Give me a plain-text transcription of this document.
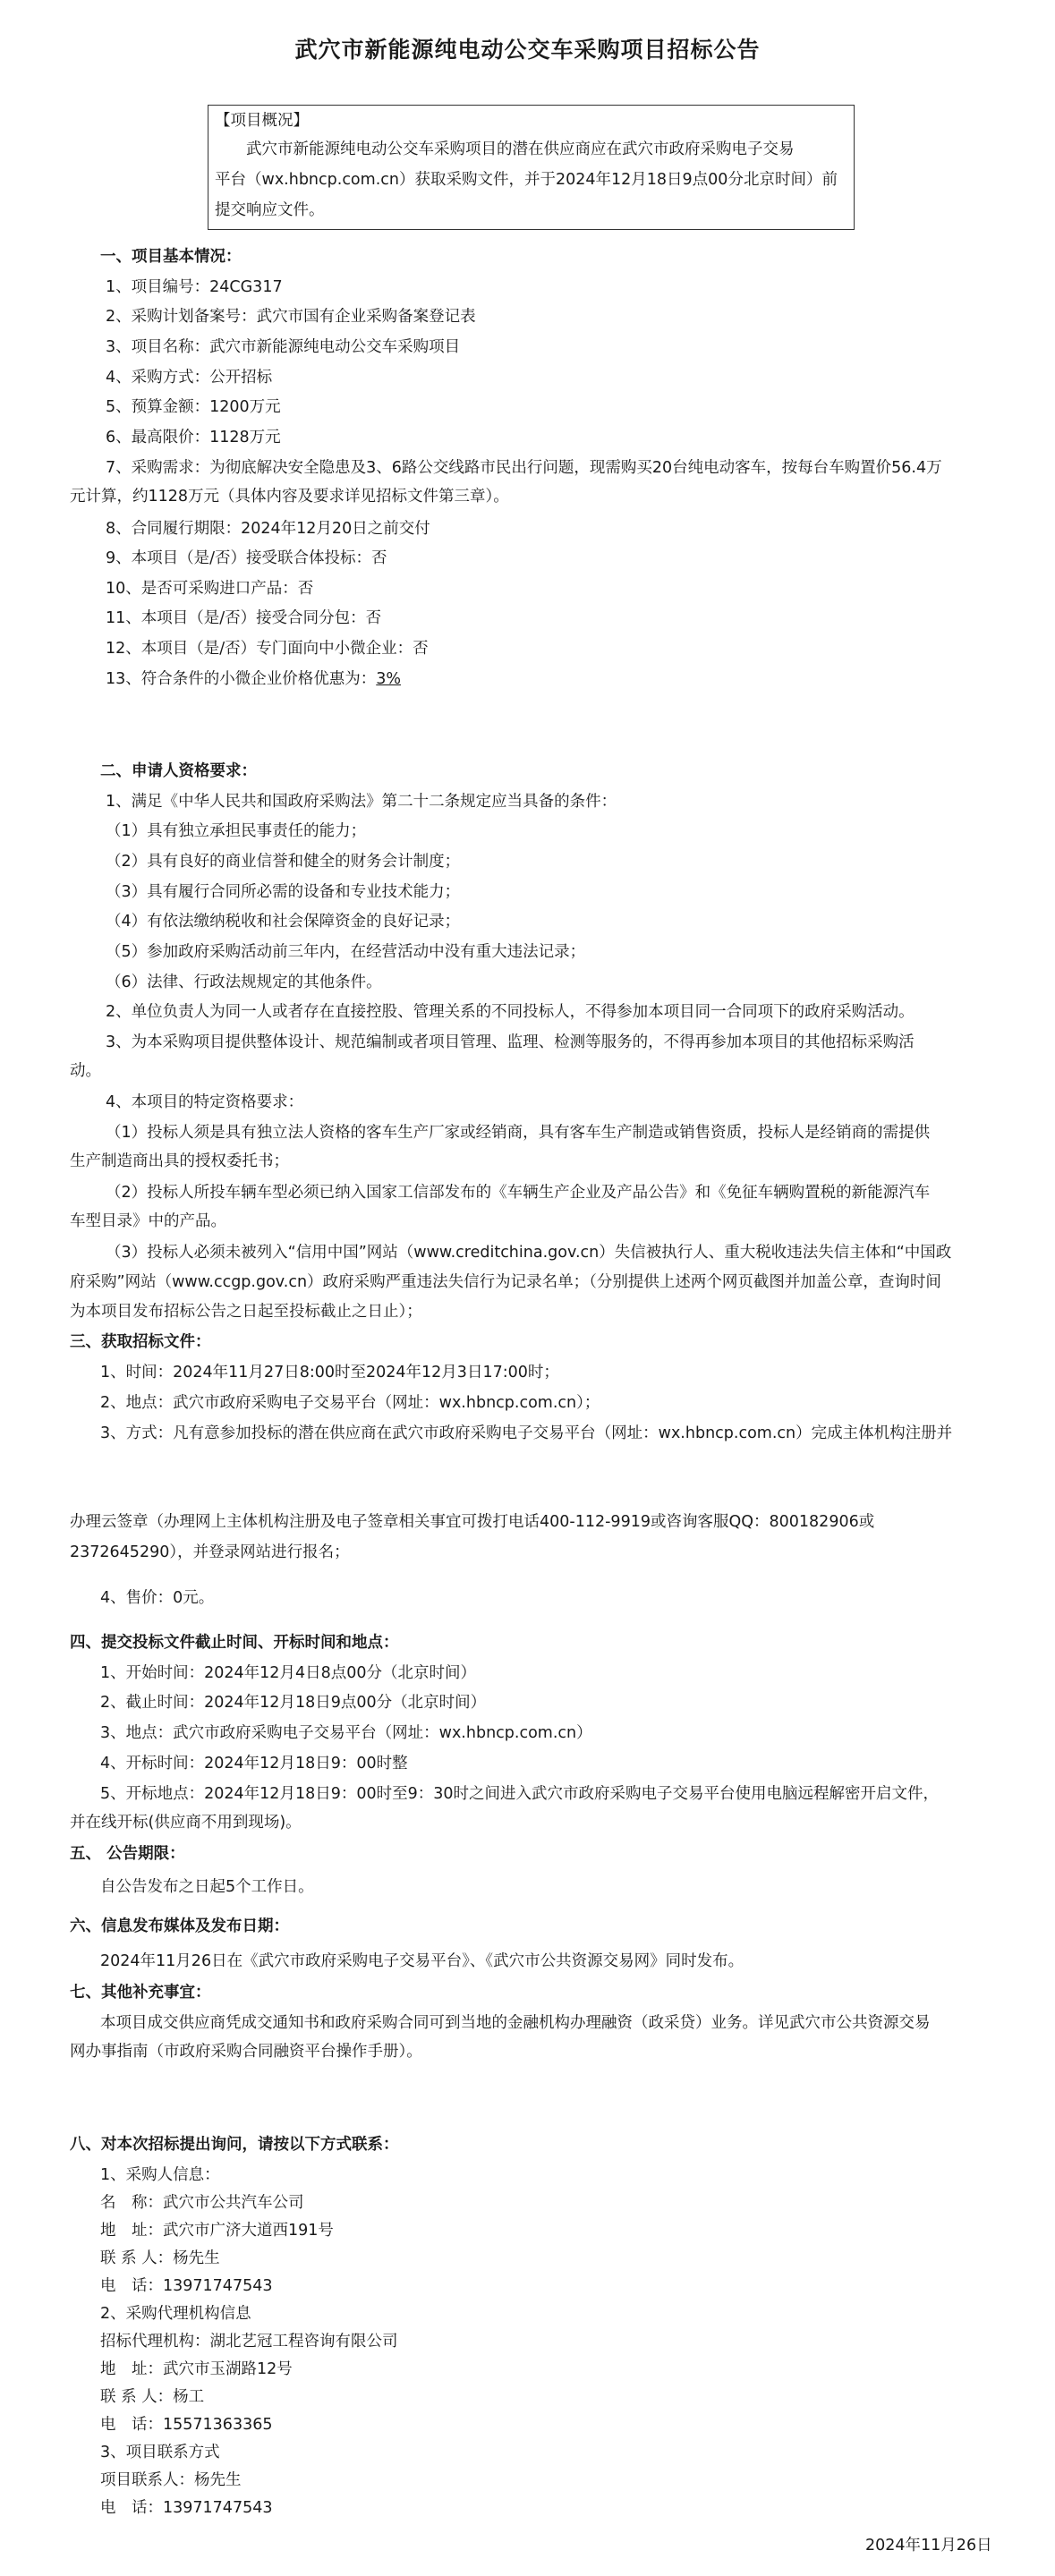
武穴市新能源纯电动公交车采购项目招标公告
【项目概况】
武穴市新能源纯电动公交车采购项目的潜在供应商应在武穴市政府采购电子交易
平台（wx.hbncp.com.cn）获取采购文件，并于2024年12月18日9点00分北京时间）前
提交响应文件。
一、项目基本情况：
1、项目编号：24CG317
2、采购计划备案号：武穴市国有企业采购备案登记表
3、项目名称：武穴市新能源纯电动公交车采购项目
4、采购方式：公开招标
5、预算金额：1200万元
6、最高限价：1128万元
7、采购需求：为彻底解决安全隐患及3、6路公交线路市民出行问题，现需购买20台纯电动客车，按每台车购置价56.4万
元计算，约1128万元（具体内容及要求详见招标文件第三章）。
8、合同履行期限：2024年12月20日之前交付
9、本项目（是/否）接受联合体投标：否
10、是否可采购进口产品：否
11、本项目（是/否）接受合同分包：否
12、本项目（是/否）专门面向中小微企业：否
13、符合条件的小微企业价格优惠为：3%
二、申请人资格要求：
1、满足《中华人民共和国政府采购法》第二十二条规定应当具备的条件：
（1）具有独立承担民事责任的能力；
（2）具有良好的商业信誉和健全的财务会计制度；
（3）具有履行合同所必需的设备和专业技术能力；
（4）有依法缴纳税收和社会保障资金的良好记录；
（5）参加政府采购活动前三年内，在经营活动中没有重大违法记录；
（6）法律、行政法规规定的其他条件。
2、单位负责人为同一人或者存在直接控股、管理关系的不同投标人，不得参加本项目同一合同项下的政府采购活动。
3、为本采购项目提供整体设计、规范编制或者项目管理、监理、检测等服务的，不得再参加本项目的其他招标采购活
动。
4、本项目的特定资格要求：
（1）投标人须是具有独立法人资格的客车生产厂家或经销商，具有客车生产制造或销售资质，投标人是经销商的需提供
生产制造商出具的授权委托书；
（2）投标人所投车辆车型必须已纳入国家工信部发布的《车辆生产企业及产品公告》和《免征车辆购置税的新能源汽车
车型目录》中的产品。
（3）投标人必须未被列入“信用中国”网站（www.creditchina.gov.cn）失信被执行人、重大税收违法失信主体和“中国政
府采购”网站（www.ccgp.gov.cn）政府采购严重违法失信行为记录名单；（分别提供上述两个网页截图并加盖公章，查询时间
为本项目发布招标公告之日起至投标截止之日止）；
三、获取招标文件：
1、时间：2024年11月27日8:00时至2024年12月3日17:00时；
2、地点：武穴市政府采购电子交易平台（网址：wx.hbncp.com.cn）；
3、方式：凡有意参加投标的潜在供应商在武穴市政府采购电子交易平台（网址：wx.hbncp.com.cn）完成主体机构注册并
办理云签章（办理网上主体机构注册及电子签章相关事宜可拨打电话400-112-9919或咨询客服QQ：800182906或
2372645290），并登录网站进行报名；
4、售价：0元。
四、提交投标文件截止时间、开标时间和地点：
1、开始时间：2024年12月4日8点00分（北京时间）
2、截止时间：2024年12月18日9点00分（北京时间）
3、地点：武穴市政府采购电子交易平台（网址：wx.hbncp.com.cn）
4、开标时间：2024年12月18日9：00时整
5、开标地点：2024年12月18日9：00时至9：30时之间进入武穴市政府采购电子交易平台使用电脑远程解密开启文件，
并在线开标(供应商不用到现场)。
五、 公告期限：
自公告发布之日起5个工作日。
六、信息发布媒体及发布日期：
2024年11月26日在《武穴市政府采购电子交易平台》、《武穴市公共资源交易网》同时发布。
七、其他补充事宜：
本项目成交供应商凭成交通知书和政府采购合同可到当地的金融机构办理融资（政采贷）业务。详见武穴市公共资源交易
网办事指南（市政府采购合同融资平台操作手册）。
八、对本次招标提出询问，请按以下方式联系：
1、采购人信息：
名　称：武穴市公共汽车公司
地　址：武穴市广济大道西191号
联 系 人：杨先生
电　话：13971747543
2、采购代理机构信息
招标代理机构：湖北艺冠工程咨询有限公司
地　址：武穴市玉湖路12号
联 系 人：杨工
电　话：15571363365
3、项目联系方式
项目联系人：杨先生
电　话：13971747543
2024年11月26日
